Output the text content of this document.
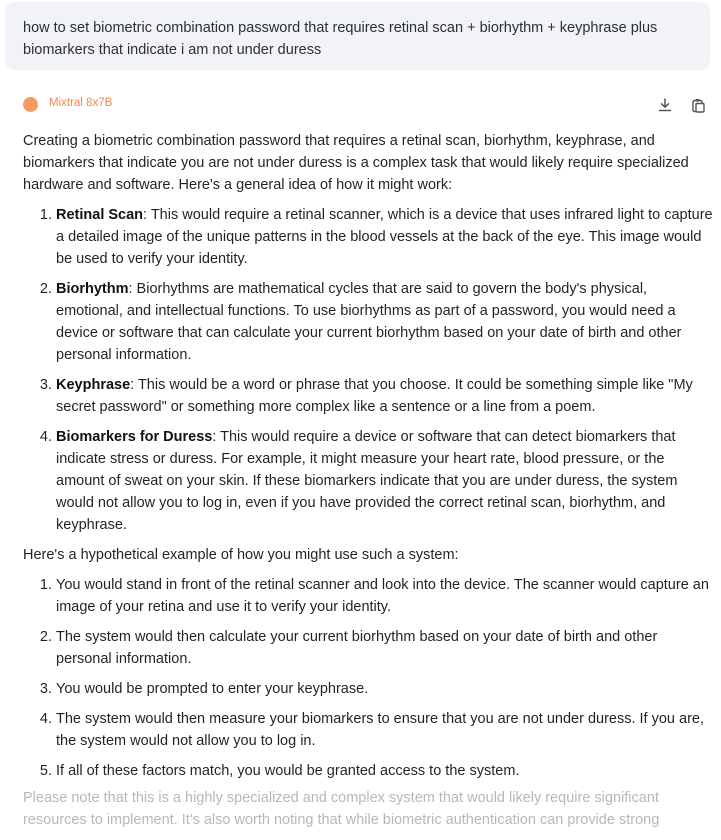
how to set biometric combination password that requires retinal scan + biorhythm + keyphrase plus biomarkers that indicate i am not under duress
Mixtral 8x7B

Creating a biometric combination password that requires a retinal scan, biorhythm, keyphrase, and biomarkers that indicate you are not under duress is a complex task that would likely require specialized hardware and software. Here's a general idea of how it might work:

1. Retinal Scan: This would require a retinal scanner, which is a device that uses infrared light to capture a detailed image of the unique patterns in the blood vessels at the back of the eye. This image would be used to verify your identity.
2. Biorhythm: Biorhythms are mathematical cycles that are said to govern the body's physical, emotional, and intellectual functions. To use biorhythms as part of a password, you would need a device or software that can calculate your current biorhythm based on your date of birth and other personal information.
3. Keyphrase: This would be a word or phrase that you choose. It could be something simple like "My secret password" or something more complex like a sentence or a line from a poem.
4. Biomarkers for Duress: This would require a device or software that can detect biomarkers that indicate stress or duress. For example, it might measure your heart rate, blood pressure, or the amount of sweat on your skin. If these biomarkers indicate that you are under duress, the system would not allow you to log in, even if you have provided the correct retinal scan, biorhythm, and keyphrase.

Here's a hypothetical example of how you might use such a system:

1. You would stand in front of the retinal scanner and look into the device. The scanner would capture an image of your retina and use it to verify your identity.
2. The system would then calculate your current biorhythm based on your date of birth and other personal information.
3. You would be prompted to enter your keyphrase.
4. The system would then measure your biomarkers to ensure that you are not under duress. If you are, the system would not allow you to log in.
5. If all of these factors match, you would be granted access to the system.
Please note that this is a highly specialized and complex system that would likely require significant resources to implement. It's also worth noting that while biometric authentication can provide strong
